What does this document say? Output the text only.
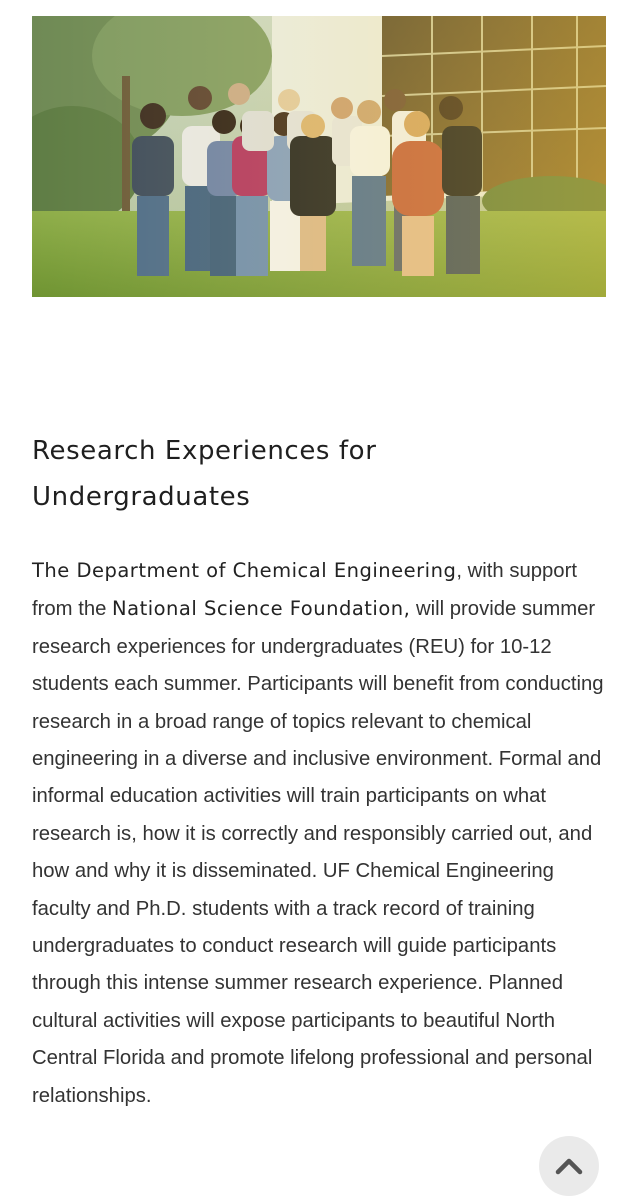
Research Experiences for Undergraduates

The Department of Chemical Engineering, with support from the National Science Foundation, will provide summer research experiences for undergraduates (REU) for 10-12 students each summer. Participants will benefit from conducting research in a broad range of topics relevant to chemical engineering in a diverse and inclusive environment. Formal and informal education activities will train participants on what research is, how it is correctly and responsibly carried out, and how and why it is disseminated. UF Chemical Engineering faculty and Ph.D. students with a track record of training undergraduates to conduct research will guide participants through this intense summer research experience. Planned cultural activities will expose participants to beautiful North Central Florida and promote lifelong professional and personal relationships.
